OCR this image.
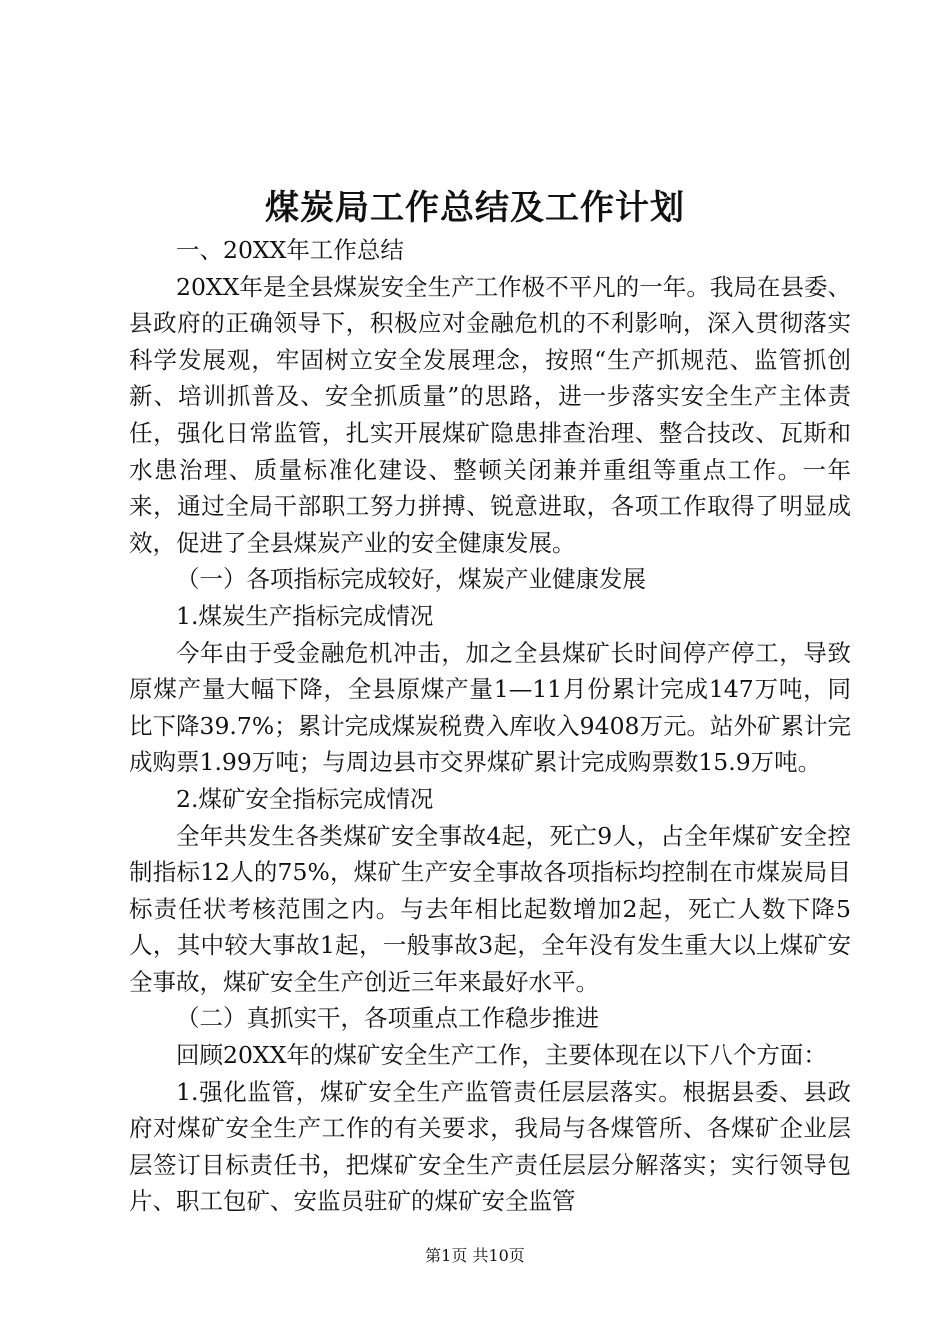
煤炭局工作总结及工作计划

一、20XX年工作总结

20XX年是全县煤炭安全生产工作极不平凡的一年。我局在县委、县政府的正确领导下，积极应对金融危机的不利影响，深入贯彻落实科学发展观，牢固树立安全发展理念，按照“生产抓规范、监管抓创新、培训抓普及、安全抓质量”的思路，进一步落实安全生产主体责任，强化日常监管，扎实开展煤矿隐患排查治理、整合技改、瓦斯和水患治理、质量标准化建设、整顿关闭兼并重组等重点工作。一年来，通过全局干部职工努力拼搏、锐意进取，各项工作取得了明显成效，促进了全县煤炭产业的安全健康发展。

（一）各项指标完成较好，煤炭产业健康发展

1.煤炭生产指标完成情况

今年由于受金融危机冲击，加之全县煤矿长时间停产停工，导致原煤产量大幅下降，全县原煤产量1—11月份累计完成147万吨，同比下降39.7%；累计完成煤炭税费入库收入9408万元。站外矿累计完成购票1.99万吨；与周边县市交界煤矿累计完成购票数15.9万吨。

2.煤矿安全指标完成情况

全年共发生各类煤矿安全事故4起，死亡9人，占全年煤矿安全控制指标12人的75%，煤矿生产安全事故各项指标均控制在市煤炭局目标责任状考核范围之内。与去年相比起数增加2起，死亡人数下降5人，其中较大事故1起，一般事故3起，全年没有发生重大以上煤矿安全事故，煤矿安全生产创近三年来最好水平。

（二）真抓实干，各项重点工作稳步推进

回顾20XX年的煤矿安全生产工作，主要体现在以下八个方面：

1.强化监管，煤矿安全生产监管责任层层落实。根据县委、县政府对煤矿安全生产工作的有关要求，我局与各煤管所、各煤矿企业层层签订目标责任书，把煤矿安全生产责任层层分解落实；实行领导包片、职工包矿、安监员驻矿的煤矿安全监管

第1页 共10页
